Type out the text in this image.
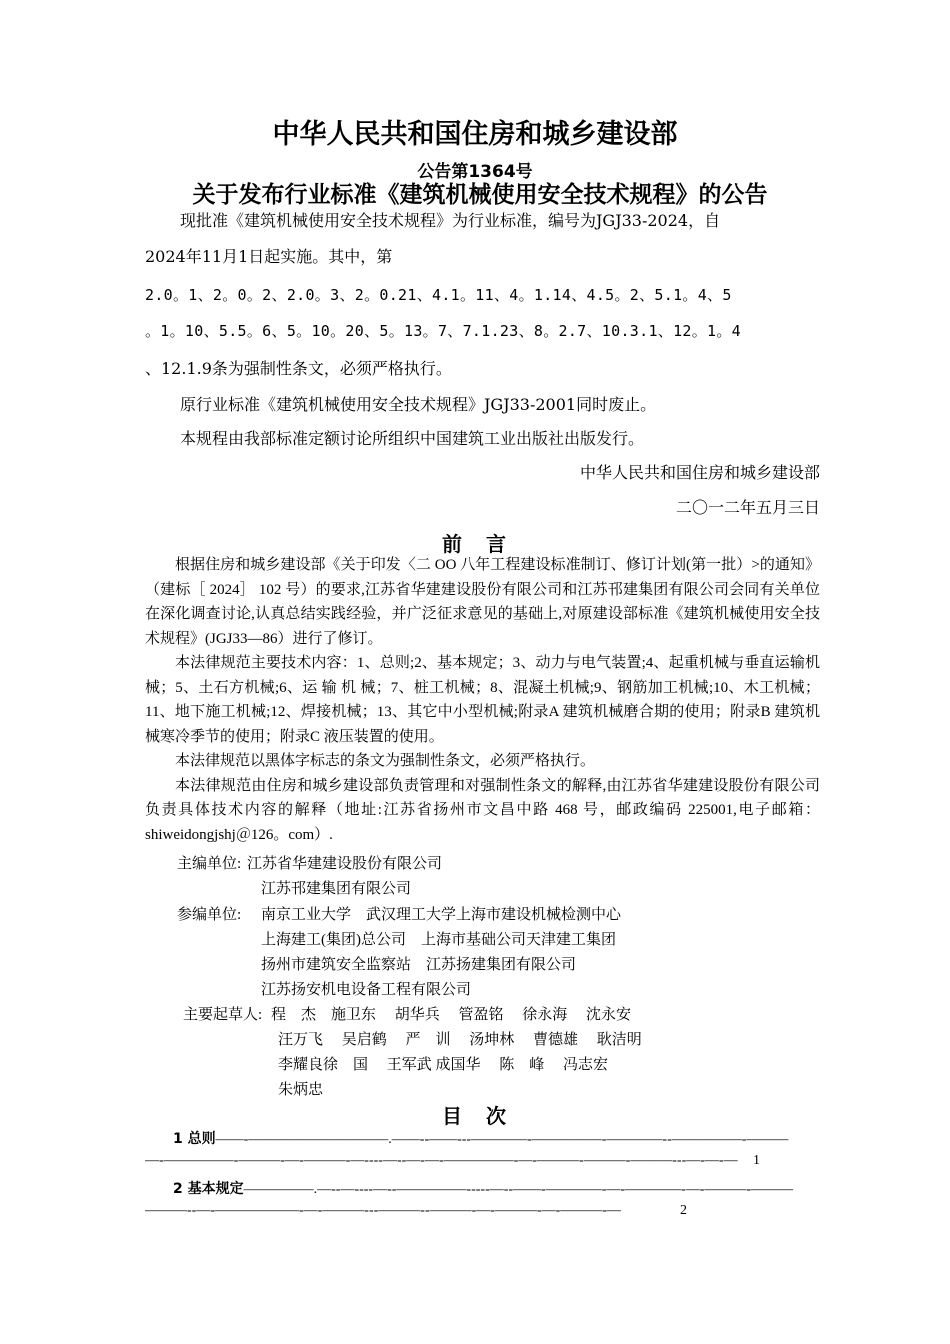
中华人民共和国住房和城乡建设部
公告第1364号
关于发布行业标准《建筑机械使用安全技术规程》的公告
现批准《建筑机械使用安全技术规程》为行业标准，编号为JGJ33-2024，自
2024年11月1日起实施。其中，第
2.0。1、2。0。2、2.0。3、2。0.21、4.1。11、4。1.14、4.5。2、5.1。4、5
。1。10、5.5。6、5。10。20、5。13。7、7.1.23、8。2.7、10.3.1、12。1。4
、12.1.9条为强制性条文，必须严格执行。
原行业标准《建筑机械使用安全技术规程》JGJ33-2001同时废止。
本规程由我部标准定额讨论所组织中国建筑工业出版社出版发行。
中华人民共和国住房和城乡建设部
二〇一二年五月三日
前　言

根据住房和城乡建设部《关于印发〈二 OO 八年工程建设标准制订、修订计划(第一批）>的通知》（建标［ 2024］ 102 号）的要求,江苏省华建建设股份有限公司和江苏邗建集团有限公司会同有关单位在深化调查讨论,认真总结实践经验，并广泛征求意见的基础上,对原建设部标准《建筑机械使用安全技术规程》(JGJ33—86）进行了修订。

本法律规范主要技术内容：1、总则;2、基本规定；3、动力与电气装置;4、起重机械与垂直运输机械；5、土石方机械;6、运 输 机 械；7、桩工机械；8、混凝土机械;9、钢筋加工机械;10、木工机械；11、地下施工机械;12、焊接机械；13、其它中小型机械;附录A 建筑机械磨合期的使用；附录B 建筑机械寒冷季节的使用；附录C 液压装置的使用。

本法律规范以黑体字标志的条文为强制性条文，必须严格执行。

本法律规范由住房和城乡建设部负责管理和对强制性条文的解释,由江苏省华建建设股份有限公司负责具体技术内容的解释（地址:江苏省扬州市文昌中路 468 号，邮政编码 225001,电子邮箱：shiweidongjshj＠126。com）.

主编单位: 江苏省华建建设股份有限公司
江苏邗建集团有限公司
参编单位: 南京工业大学　武汉理工大学上海市建设机械检测中心
上海建工(集团)总公司　上海市基础公司天津建工集团
扬州市建筑安全监察站　江苏扬建集团有限公司
江苏扬安机电设备工程有限公司
主要起草人: 程　杰　施卫东　 胡华兵　 管盈铭　 徐永海　 沈永安
汪万飞　 吴启鹤　 严　训　 汤坤林　 曹德雄　 耿洁明
李耀良徐　国　 王军武 成国华　 陈　峰　 冯志宏
朱炳忠
目　次
1 总则——-——————————.——--——---————-—————-————--—————-———
—-—————-———-—-———-—----—--—-—-—————-—-———-———-———---—-—-—	1
2 基本规定—————.—--—----—--—————-----—--——-————-—-————-—-———-———
———--—-——————-—-———---———--———-—-———-—-———-—	2
